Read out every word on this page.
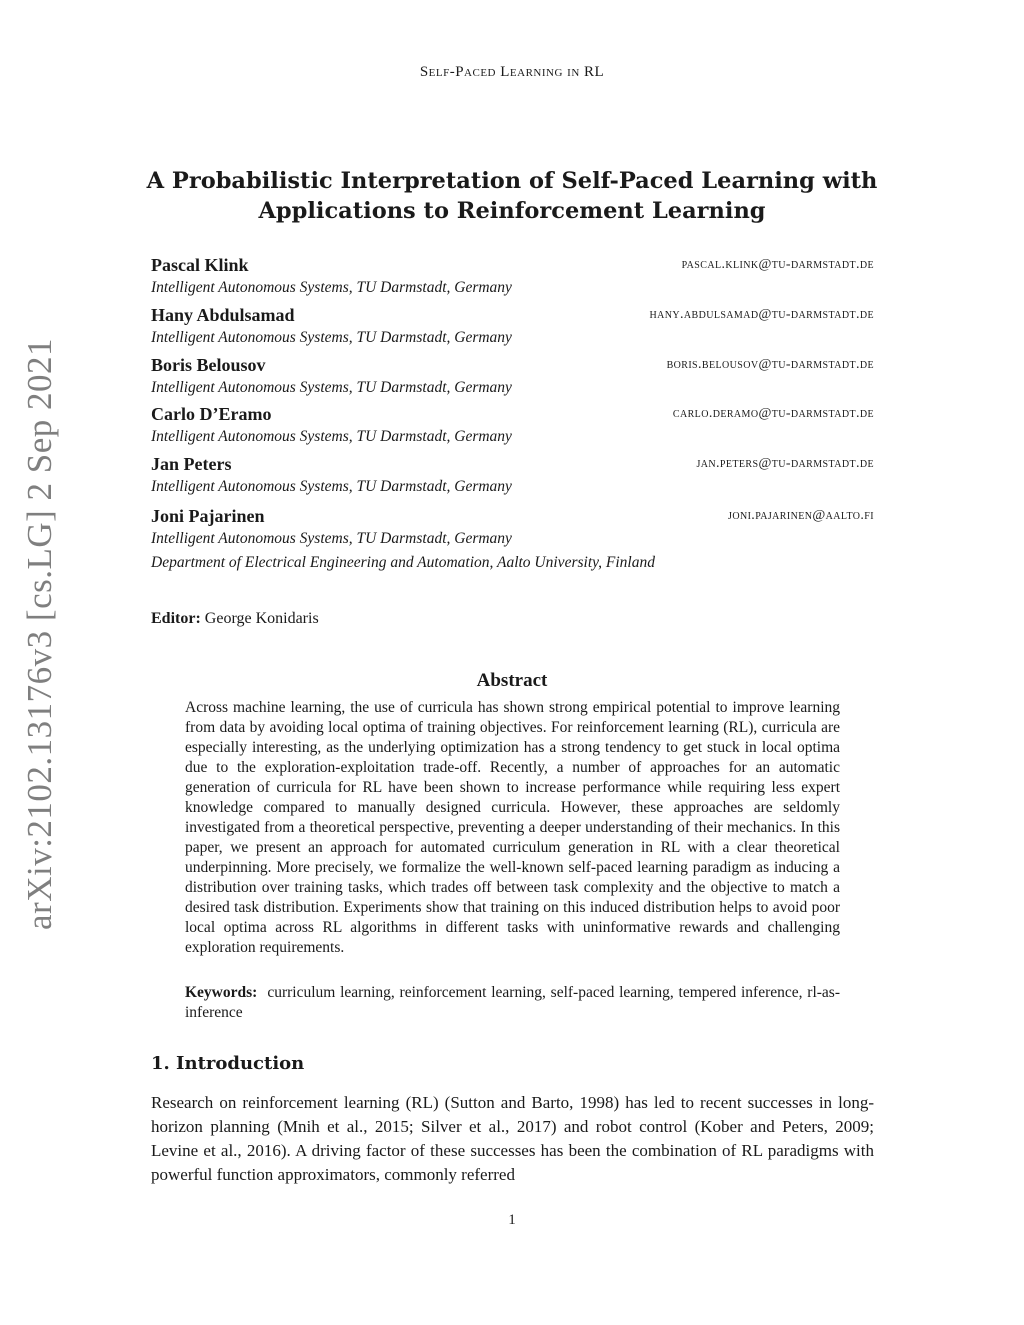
Self-Paced Learning in RL
A Probabilistic Interpretation of Self-Paced Learning with
Applications to Reinforcement Learning
Pascal Klink	pascal.klink@tu-darmstadt.de
Intelligent Autonomous Systems, TU Darmstadt, Germany
Hany Abdulsamad	hany.abdulsamad@tu-darmstadt.de
Intelligent Autonomous Systems, TU Darmstadt, Germany
Boris Belousov	boris.belousov@tu-darmstadt.de
Intelligent Autonomous Systems, TU Darmstadt, Germany
Carlo D’Eramo	carlo.deramo@tu-darmstadt.de
Intelligent Autonomous Systems, TU Darmstadt, Germany
Jan Peters	jan.peters@tu-darmstadt.de
Intelligent Autonomous Systems, TU Darmstadt, Germany
Joni Pajarinen	joni.pajarinen@aalto.fi
Intelligent Autonomous Systems, TU Darmstadt, Germany
Department of Electrical Engineering and Automation, Aalto University, Finland
Editor: George Konidaris
Abstract
Across machine learning, the use of curricula has shown strong empirical potential to improve learning from data by avoiding local optima of training objectives. For reinforcement learning (RL), curricula are especially interesting, as the underlying optimization has a strong tendency to get stuck in local optima due to the exploration-exploitation trade-off. Recently, a number of approaches for an automatic generation of curricula for RL have been shown to increase performance while requiring less expert knowledge compared to manually designed curricula. However, these approaches are seldomly investigated from a theoretical perspective, preventing a deeper understanding of their mechanics. In this paper, we present an approach for automated curriculum generation in RL with a clear theoretical underpinning. More precisely, we formalize the well-known self-paced learning paradigm as inducing a distribution over training tasks, which trades off between task complexity and the objective to match a desired task distribution. Experiments show that training on this induced distribution helps to avoid poor local optima across RL algorithms in different tasks with uninformative rewards and challenging exploration requirements.
Keywords: curriculum learning, reinforcement learning, self-paced learning, tempered inference, rl-as-inference
1. Introduction
Research on reinforcement learning (RL) (Sutton and Barto, 1998) has led to recent successes in long-horizon planning (Mnih et al., 2015; Silver et al., 2017) and robot control (Kober and Peters, 2009; Levine et al., 2016). A driving factor of these successes has been the combination of RL paradigms with powerful function approximators, commonly referred
1
arXiv:2102.13176v3 [cs.LG] 2 Sep 2021
